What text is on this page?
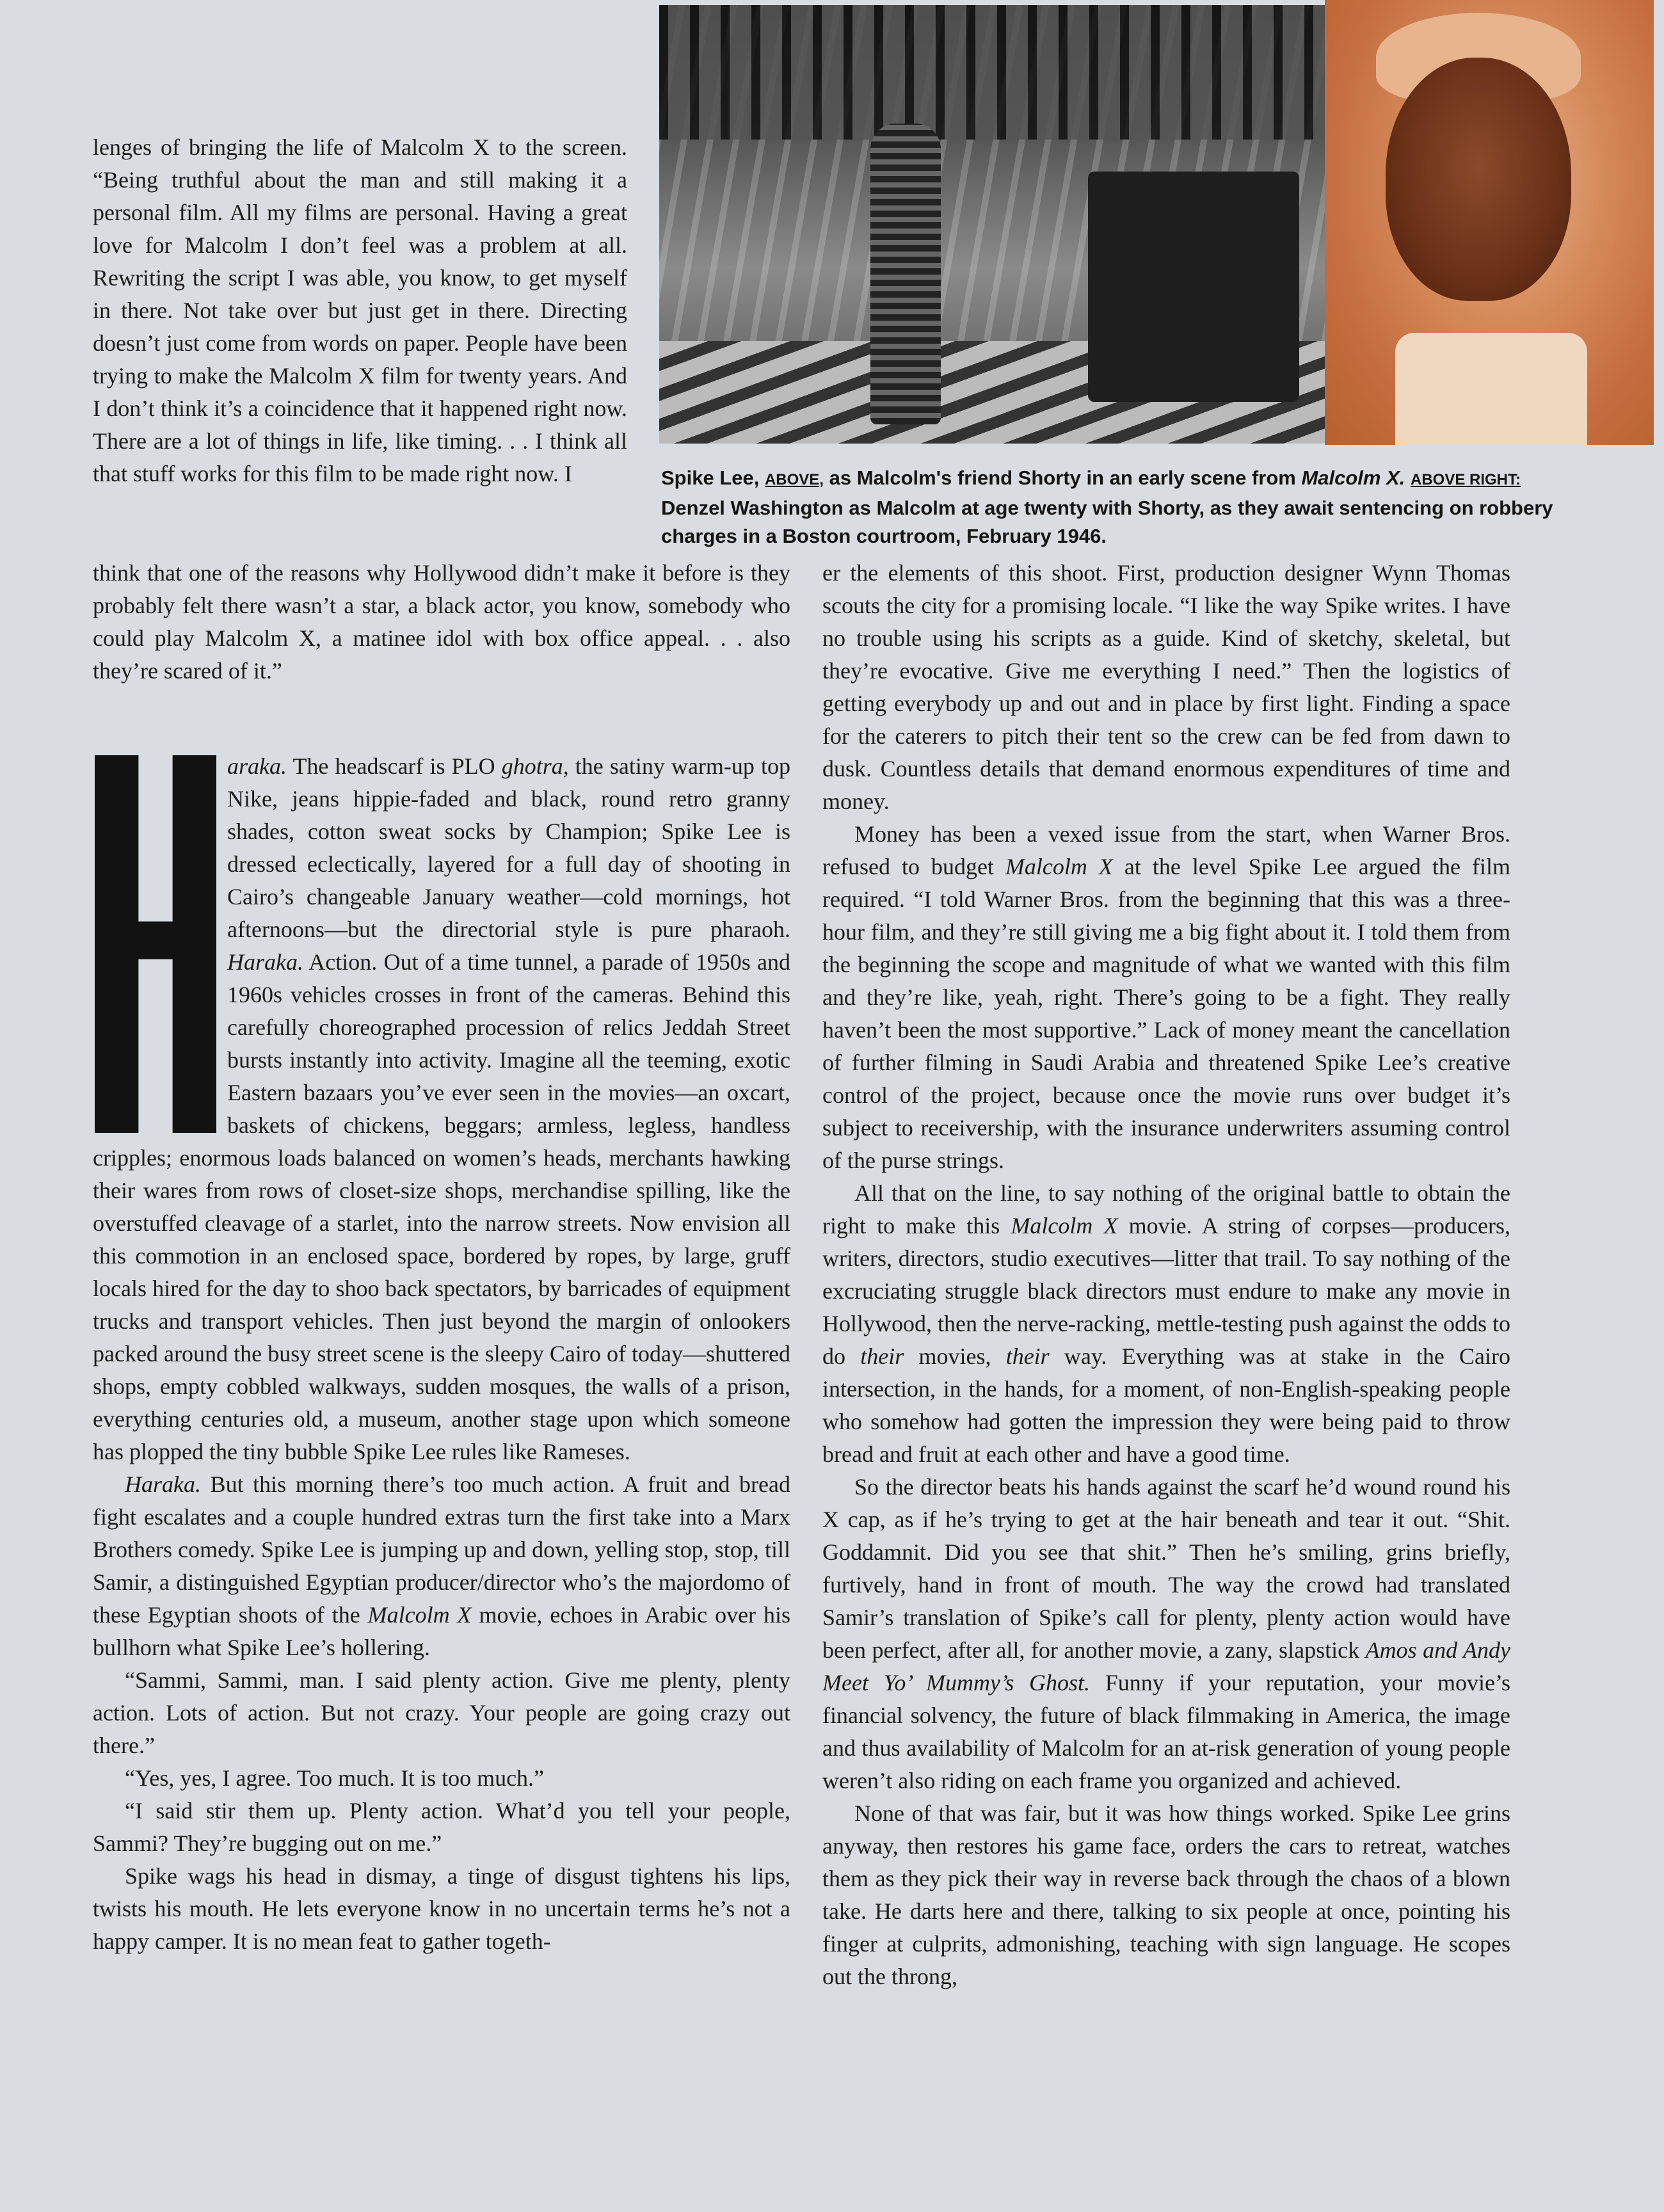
Spike Lee, ABOVE, as Malcolm's friend Shorty in an early scene from Malcolm X. ABOVE RIGHT: Denzel Washington as Malcolm at age twenty with Shorty, as they await sentencing on robbery charges in a Boston courtroom, February 1946.

lenges of bringing the life of Malcolm X to the screen. “Being truthful about the man and still making it a personal film. All my films are personal. Having a great love for Malcolm I don’t feel was a problem at all. Rewriting the script I was able, you know, to get myself in there. Not take over but just get in there. Directing doesn’t just come from words on paper. People have been trying to make the Malcolm X film for twenty years. And I don’t think it’s a coincidence that it happened right now. There are a lot of things in life, like timing. . . I think all that stuff works for this film to be made right now. I

think that one of the reasons why Hollywood didn’t make it before is they probably felt there wasn’t a star, a black actor, you know, somebody who could play Malcolm X, a matinee idol with box office appeal. . . also they’re scared of it.”

araka. The headscarf is PLO ghotra, the satiny warm-up top Nike, jeans hippie-faded and black, round retro granny shades, cotton sweat socks by Champion; Spike Lee is dressed eclectically, layered for a full day of shooting in Cairo’s changeable January weather—cold mornings, hot afternoons—but the directorial style is pure pharaoh. Haraka. Action. Out of a time tunnel, a parade of 1950s and 1960s vehicles crosses in front of the cameras. Behind this carefully choreographed procession of relics Jeddah Street bursts instantly into activity. Imagine all the teeming, exotic Eastern bazaars you’ve ever seen in the movies—an oxcart, baskets of chickens, beggars; armless, legless, handless cripples; enormous loads balanced on women’s heads, merchants hawking their wares from rows of closet-size shops, merchandise spilling, like the overstuffed cleavage of a starlet, into the narrow streets. Now envision all this commotion in an enclosed space, bordered by ropes, by large, gruff locals hired for the day to shoo back spectators, by barricades of equipment trucks and transport vehicles. Then just beyond the margin of onlookers packed around the busy street scene is the sleepy Cairo of today—shuttered shops, empty cobbled walkways, sudden mosques, the walls of a prison, everything centuries old, a museum, another stage upon which someone has plopped the tiny bubble Spike Lee rules like Rameses.

Haraka. But this morning there’s too much action. A fruit and bread fight escalates and a couple hundred extras turn the first take into a Marx Brothers comedy. Spike Lee is jumping up and down, yelling stop, stop, till Samir, a distinguished Egyptian producer/director who’s the majordomo of these Egyptian shoots of the Malcolm X movie, echoes in Arabic over his bullhorn what Spike Lee’s hollering.

“Sammi, Sammi, man. I said plenty action. Give me plenty, plenty action. Lots of action. But not crazy. Your people are going crazy out there.”

“Yes, yes, I agree. Too much. It is too much.”

“I said stir them up. Plenty action. What’d you tell your people, Sammi? They’re bugging out on me.”

Spike wags his head in dismay, a tinge of disgust tightens his lips, twists his mouth. He lets everyone know in no uncertain terms he’s not a happy camper. It is no mean feat to gather togeth-

er the elements of this shoot. First, production designer Wynn Thomas scouts the city for a promising locale. “I like the way Spike writes. I have no trouble using his scripts as a guide. Kind of sketchy, skeletal, but they’re evocative. Give me everything I need.” Then the logistics of getting everybody up and out and in place by first light. Finding a space for the caterers to pitch their tent so the crew can be fed from dawn to dusk. Countless details that demand enormous expenditures of time and money.

Money has been a vexed issue from the start, when Warner Bros. refused to budget Malcolm X at the level Spike Lee argued the film required. “I told Warner Bros. from the beginning that this was a three-hour film, and they’re still giving me a big fight about it. I told them from the beginning the scope and magnitude of what we wanted with this film and they’re like, yeah, right. There’s going to be a fight. They really haven’t been the most supportive.” Lack of money meant the cancellation of further filming in Saudi Arabia and threatened Spike Lee’s creative control of the project, because once the movie runs over budget it’s subject to receivership, with the insurance underwriters assuming control of the purse strings.

All that on the line, to say nothing of the original battle to obtain the right to make this Malcolm X movie. A string of corpses—producers, writers, directors, studio executives—litter that trail. To say nothing of the excruciating struggle black directors must endure to make any movie in Hollywood, then the nerve-racking, mettle-testing push against the odds to do their movies, their way. Everything was at stake in the Cairo intersection, in the hands, for a moment, of non-English-speaking people who somehow had gotten the impression they were being paid to throw bread and fruit at each other and have a good time.

So the director beats his hands against the scarf he’d wound round his X cap, as if he’s trying to get at the hair beneath and tear it out. “Shit. Goddamnit. Did you see that shit.” Then he’s smiling, grins briefly, furtively, hand in front of mouth. The way the crowd had translated Samir’s translation of Spike’s call for plenty, plenty action would have been perfect, after all, for another movie, a zany, slapstick Amos and Andy Meet Yo’ Mummy’s Ghost. Funny if your reputation, your movie’s financial solvency, the future of black filmmaking in America, the image and thus availability of Malcolm for an at-risk generation of young people weren’t also riding on each frame you organized and achieved.

None of that was fair, but it was how things worked. Spike Lee grins anyway, then restores his game face, orders the cars to retreat, watches them as they pick their way in reverse back through the chaos of a blown take. He darts here and there, talking to six people at once, pointing his finger at culprits, admonishing, teaching with sign language. He scopes out the throng,
